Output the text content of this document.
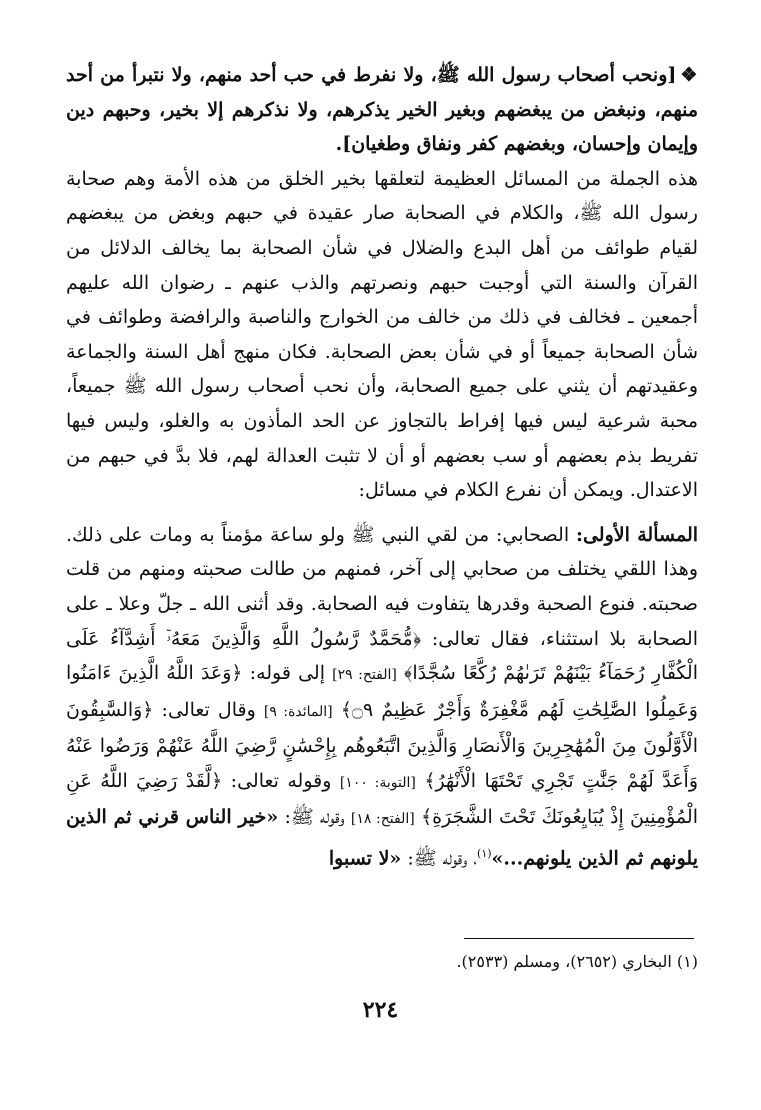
❖[ونحب أصحاب رسول الله ﷺ، ولا نفرط في حب أحد منهم، ولا نتبرأ من أحد منهم، ونبغض من يبغضهم وبغير الخير يذكرهم، ولا نذكرهم إلا بخير، وحبهم دين وإيمان وإحسان، وبغضهم كفر ونفاق وطغيان].

هذه الجملة من المسائل العظيمة لتعلقها بخير الخلق من هذه الأمة وهم صحابة رسول الله ﷺ، والكلام في الصحابة صار عقيدة في حبهم وبغض من يبغضهم لقيام طوائف من أهل البدع والضلال في شأن الصحابة بما يخالف الدلائل من القرآن والسنة التي أوجبت حبهم ونصرتهم والذب عنهم ـ رضوان الله عليهم أجمعين ـ فخالف في ذلك من خالف من الخوارج والناصبة والرافضة وطوائف في شأن الصحابة جميعاً أو في شأن بعض الصحابة. فكان منهج أهل السنة والجماعة وعقيدتهم أن يثني على جميع الصحابة، وأن نحب أصحاب رسول الله ﷺ جميعاً، محبة شرعية ليس فيها إفراط بالتجاوز عن الحد المأذون به والغلو، وليس فيها تفريط بذم بعضهم أو سب بعضهم أو أن لا تثبت العدالة لهم، فلا بدَّ في حبهم من الاعتدال. ويمكن أن نفرع الكلام في مسائل:

المسألة الأولى: الصحابي: من لقي النبي ﷺ ولو ساعة مؤمناً به ومات على ذلك. وهذا اللقي يختلف من صحابي إلى آخر، فمنهم من طالت صحبته ومنهم من قلت صحبته. فنوع الصحبة وقدرها يتفاوت فيه الصحابة. وقد أثنى الله ـ جلّ وعلا ـ على الصحابة بلا استثناء، فقال تعالى: ﴿مُّحَمَّدٌ رَّسُولُ اللَّهِ وَالَّذِينَ مَعَهُۥٓ أَشِدَّآءُ عَلَى الْكُفَّارِ رُحَمَآءُ بَيْنَهُمْ تَرَىٰهُمْ رُكَّعًا سُجَّدًا﴾ [الفتح: ٢٩] إلى قوله: ﴿وَعَدَ اللَّهُ الَّذِينَ ءَامَنُوا وَعَمِلُوا الصَّٰلِحَٰتِ لَهُم مَّغْفِرَةٌ وَأَجْرٌ عَظِيمٌ ۝٩﴾ [المائدة: ٩] وقال تعالى: ﴿وَالسَّٰبِقُونَ الْأَوَّلُونَ مِنَ الْمُهَٰجِرِينَ وَالْأَنصَارِ وَالَّذِينَ اتَّبَعُوهُم بِإِحْسَٰنٍ رَّضِيَ اللَّهُ عَنْهُمْ وَرَضُوا عَنْهُ وَأَعَدَّ لَهُمْ جَنَّٰتٍ تَجْرِي تَحْتَهَا الْأَنْهَٰرُ﴾ [التوبة: ١٠٠] وقوله تعالى: ﴿لَّقَدْ رَضِيَ اللَّهُ عَنِ الْمُؤْمِنِينَ إِذْ يُبَايِعُونَكَ تَحْتَ الشَّجَرَةِ﴾ [الفتح: ١٨] وقوله ﷺ: «خير الناس قرني ثم الذين يلونهم ثم الذين يلونهم...»$^{(١)}$، وقوله ﷺ: «لا تسبوا

(١) البخاري (٢٦٥٢)، ومسلم (٢٥٣٣).
٢٢٤
